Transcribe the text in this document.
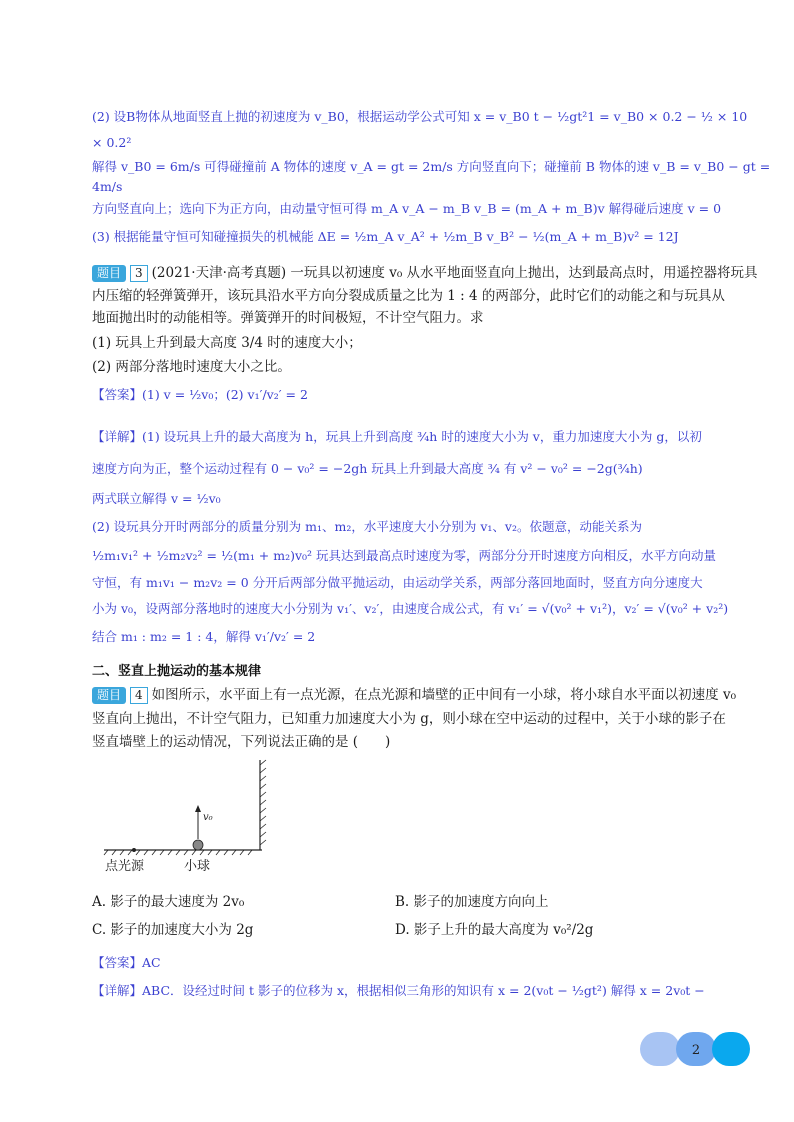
(2) 设B物体从地面竖直上抛的初速度为 v_B0，根据运动学公式可知 x = v_B0 t − ½gt²1 = v_B0 × 0.2 − ½ × 10
× 0.2²
解得 v_B0 = 6m/s 可得碰撞前 A 物体的速度 v_A = gt = 2m/s 方向竖直向下；碰撞前 B 物体的速 v_B = v_B0 − gt =
4m/s
方向竖直向上；选向下为正方向，由动量守恒可得 m_A v_A − m_B v_B = (m_A + m_B)v 解得碰后速度 v = 0
(3) 根据能量守恒可知碰撞损失的机械能 ΔE = ½m_A v_A² + ½m_B v_B² − ½(m_A + m_B)v² = 12J
题目 3 (2021·天津·高考真题) 一玩具以初速度 v₀ 从水平地面竖直向上抛出，达到最高点时，用遥控器将玩具
内压缩的轻弹簧弹开，该玩具沿水平方向分裂成质量之比为 1 : 4 的两部分，此时它们的动能之和与玩具从
地面抛出时的动能相等。弹簧弹开的时间极短，不计空气阻力。求
(1) 玩具上升到最大高度 3/4 时的速度大小；
(2) 两部分落地时速度大小之比。
【答案】(1) v = ½v₀；(2) v₁′/v₂′ = 2
【详解】(1) 设玩具上升的最大高度为 h，玩具上升到高度 ¾h 时的速度大小为 v，重力加速度大小为 g，以初
速度方向为正，整个运动过程有 0 − v₀² = −2gh 玩具上升到最大高度 ¾ 有 v² − v₀² = −2g(¾h)
两式联立解得 v = ½v₀
(2) 设玩具分开时两部分的质量分别为 m₁、m₂，水平速度大小分别为 v₁、v₂。依题意，动能关系为
½m₁v₁² + ½m₂v₂² = ½(m₁ + m₂)v₀² 玩具达到最高点时速度为零，两部分分开时速度方向相反，水平方向动量
守恒，有 m₁v₁ − m₂v₂ = 0 分开后两部分做平抛运动，由运动学关系，两部分落回地面时，竖直方向分速度大
小为 v₀，设两部分落地时的速度大小分别为 v₁′、v₂′，由速度合成公式，有 v₁′ = √(v₀² + v₁²)，v₂′ = √(v₀² + v₂²)
结合 m₁ : m₂ = 1 : 4，解得 v₁′/v₂′ = 2
二、竖直上抛运动的基本规律
题目 4 如图所示，水平面上有一点光源，在点光源和墙壁的正中间有一小球，将小球自水平面以初速度 v₀
竖直向上抛出，不计空气阻力，已知重力加速度大小为 g，则小球在空中运动的过程中，关于小球的影子在
竖直墙壁上的运动情况，下列说法正确的是 (　　)
v₀
点光源	小球
A. 影子的最大速度为 2v₀	B. 影子的加速度方向向上
C. 影子的加速度大小为 2g	D. 影子上升的最大高度为 v₀²/2g
【答案】AC
【详解】ABC．设经过时间 t 影子的位移为 x，根据相似三角形的知识有 x = 2(v₀t − ½gt²) 解得 x = 2v₀t −
2
